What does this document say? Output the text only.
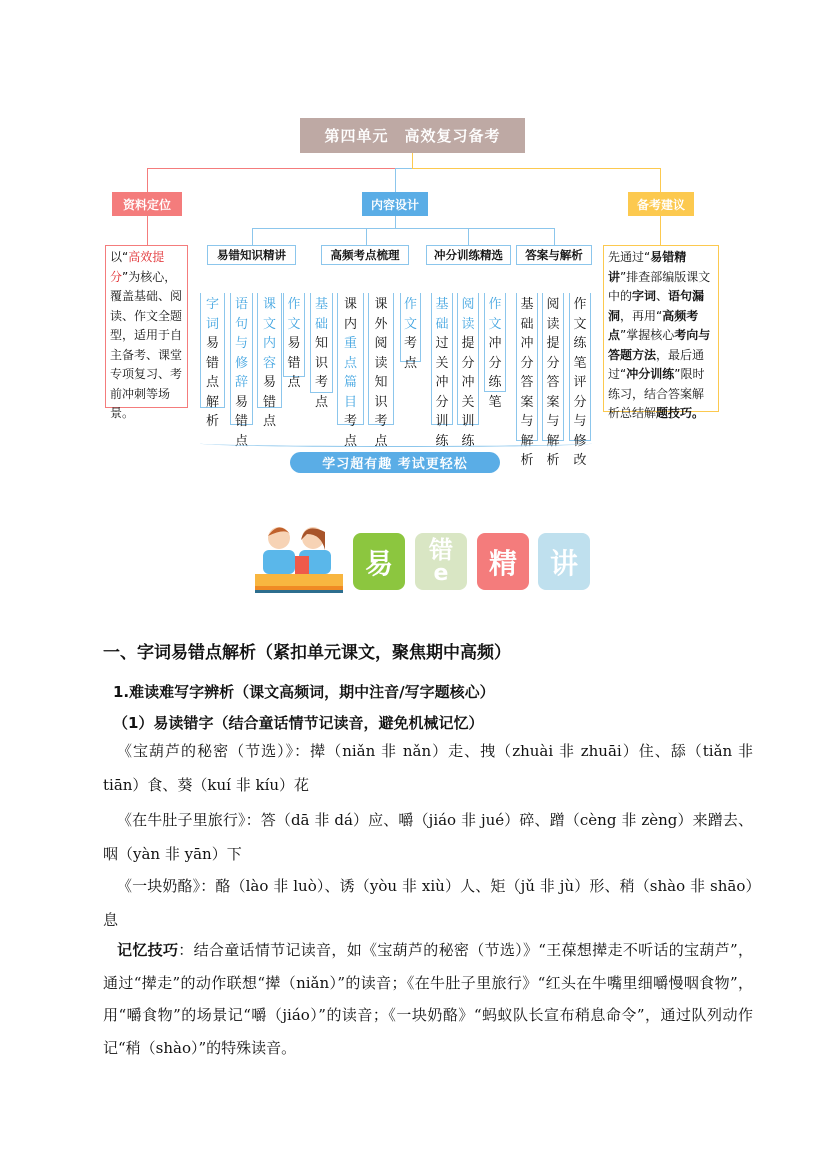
第四单元　高效复习备考
资料定位	内容设计	备考建议
以“高效提分”为核心，覆盖基础、阅读、作文全题型，适用于自主备考、课堂专项复习、考前冲刺等场景。
先通过“易错精讲”排查部编版课文中的字词、语句漏洞，再用“高频考点”掌握核心考向与答题方法，最后通过“冲分训练”限时练习，结合答案解析总结解题技巧。
易错知识精讲	高频考点梳理	冲分训练精选	答案与解析
字词易错点解析
语句与修辞易错点
课文内容易错点
作文易错点
基础知识考点
课内重点篇目考点
课外阅读知识考点
作文考点
基础过关冲分训练
阅读提分冲关训练
作文冲分练笔
基础冲分答案与解析
阅读提分答案与解析
作文练笔评分与修改
学习超有趣 考试更轻松
易	错
e	精	讲
一、字词易错点解析（紧扣单元课文，聚焦期中高频）
1.难读难写字辨析（课文高频词，期中注音/写字题核心）
（1）易读错字（结合童话情节记读音，避免机械记忆）
《宝葫芦的秘密（节选）》：撵（niǎn 非 nǎn）走、拽（zhuài 非 zhuāi）住、舔（tiǎn 非 tiān）食、葵（kuí 非 kíu）花
《在牛肚子里旅行》：答（dā 非 dá）应、嚼（jiáo 非 jué）碎、蹭（cèng 非 zèng）来蹭去、咽（yàn 非 yān）下
《一块奶酪》：酪（lào 非 luò）、诱（yòu 非 xiù）人、矩（jǔ 非 jù）形、稍（shào 非 shāo）息
记忆技巧：结合童话情节记读音，如《宝葫芦的秘密（节选）》“王葆想撵走不听话的宝葫芦”，通过“撵走”的动作联想“撵（niǎn）”的读音；《在牛肚子里旅行》“红头在牛嘴里细嚼慢咽食物”，用“嚼食物”的场景记“嚼（jiáo）”的读音；《一块奶酪》“蚂蚁队长宣布稍息命令”，通过队列动作记“稍（shào）”的特殊读音。
